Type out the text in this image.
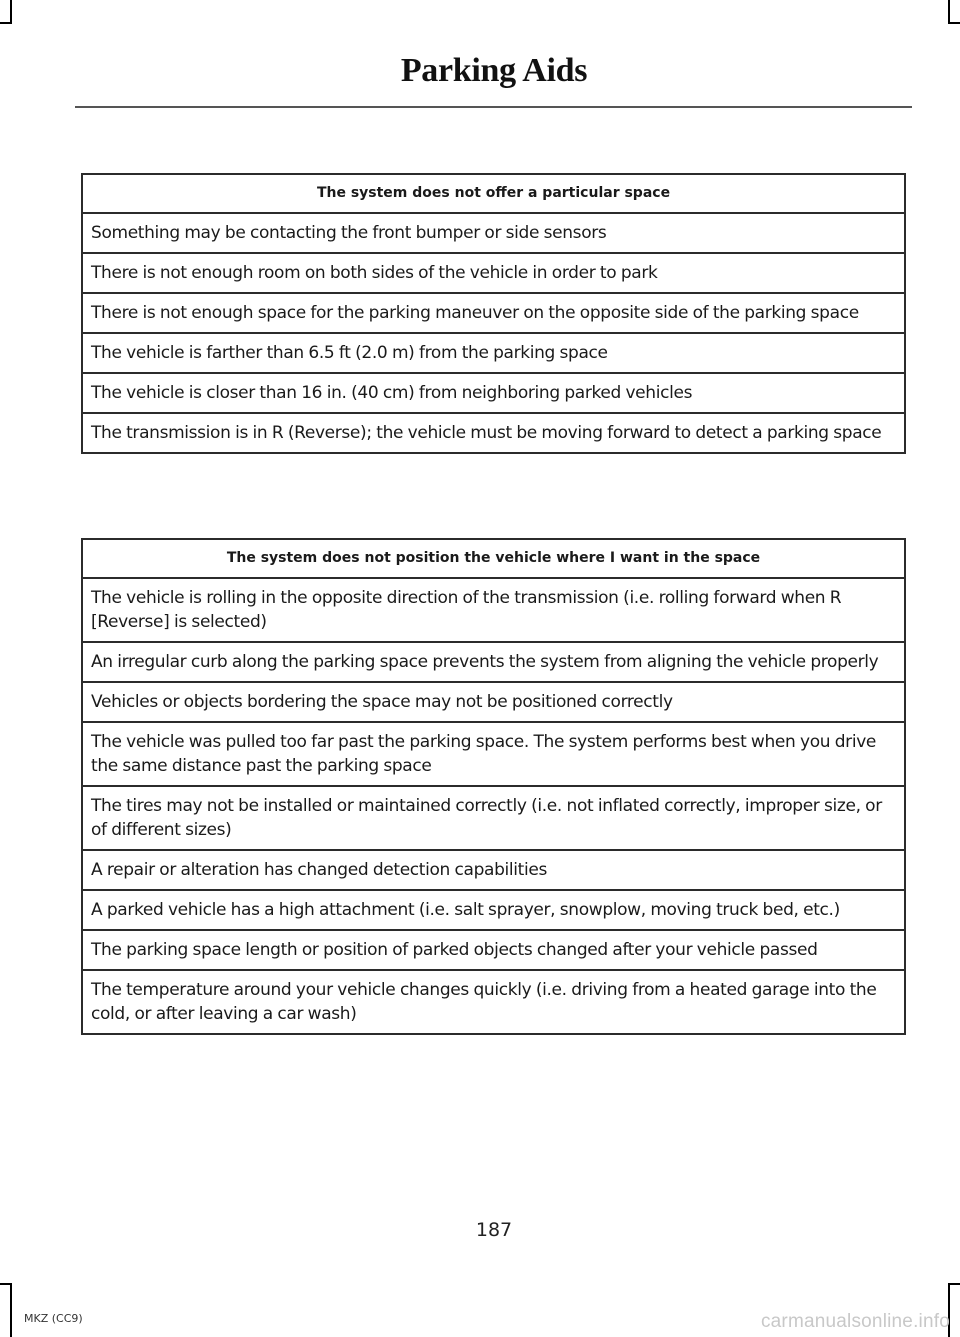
Parking Aids
The system does not offer a particular space
Something may be contacting the front bumper or side sensors
There is not enough room on both sides of the vehicle in order to park
There is not enough space for the parking maneuver on the opposite side of the parking space
The vehicle is farther than 6.5 ft (2.0 m) from the parking space
The vehicle is closer than 16 in. (40 cm) from neighboring parked vehicles
The transmission is in R (Reverse); the vehicle must be moving forward to detect a parking space
The system does not position the vehicle where I want in the space
The vehicle is rolling in the opposite direction of the transmission (i.e. rolling forward when R [Reverse] is selected)
An irregular curb along the parking space prevents the system from aligning the vehicle properly
Vehicles or objects bordering the space may not be positioned correctly
The vehicle was pulled too far past the parking space. The system performs best when you drive the same distance past the parking space
The tires may not be installed or maintained correctly (i.e. not inflated correctly, improper size, or of different sizes)
A repair or alteration has changed detection capabilities
A parked vehicle has a high attachment (i.e. salt sprayer, snowplow, moving truck bed, etc.)
The parking space length or position of parked objects changed after your vehicle passed
The temperature around your vehicle changes quickly (i.e. driving from a heated garage into the cold, or after leaving a car wash)
187
MKZ (CC9)	carmanualsonline.info
